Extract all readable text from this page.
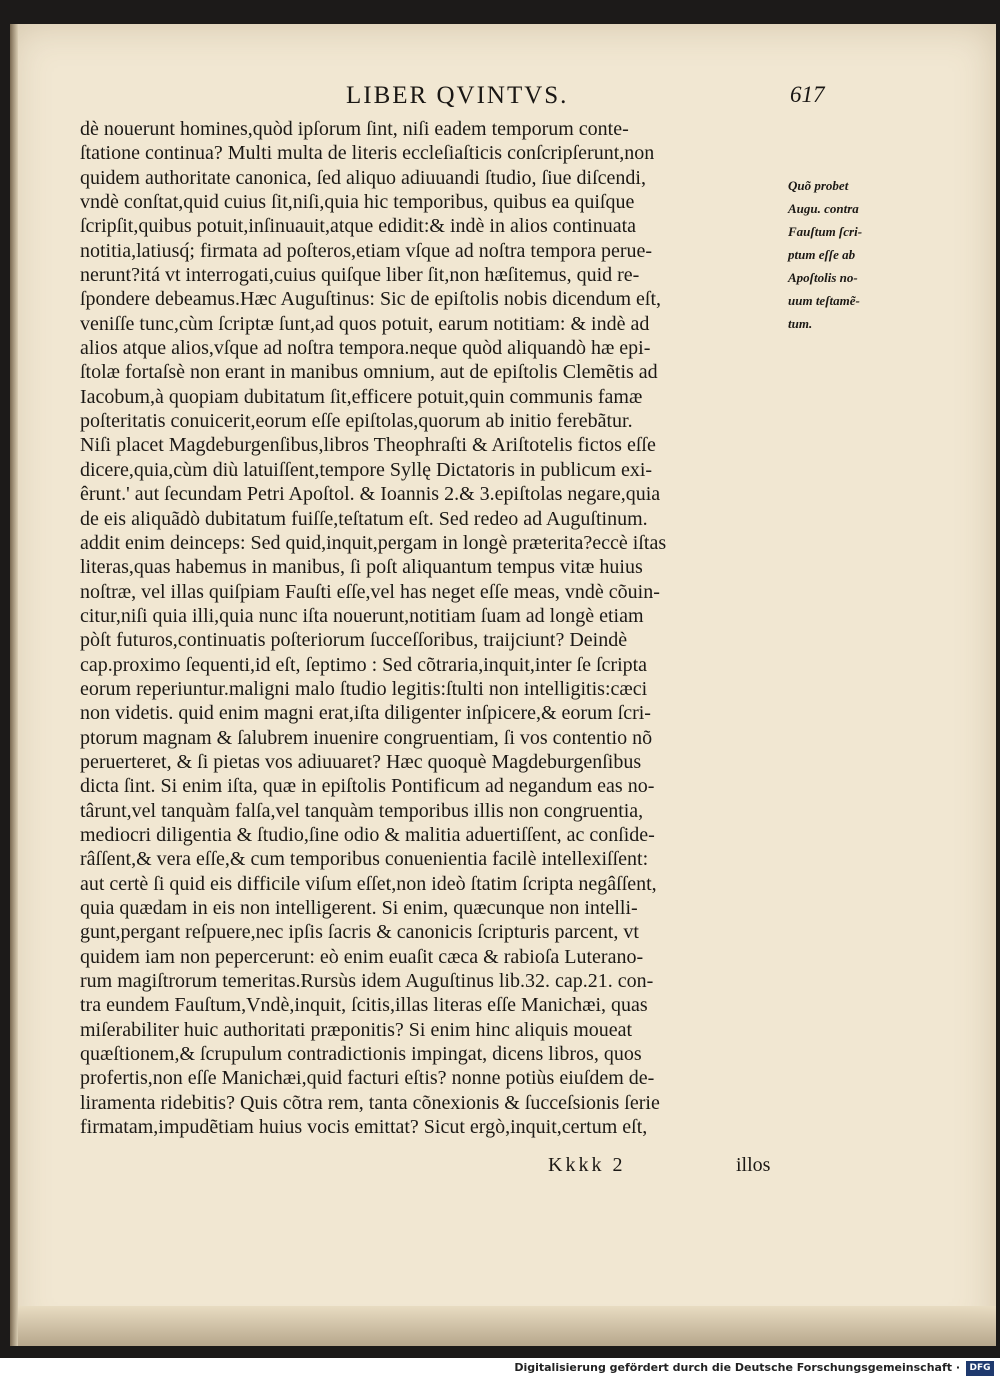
LIBER QVINTVS.	617
dè nouerunt homines,quòd ipſorum ſint, niſi eadem temporum conte-
ſtatione continua? Multi multa de literis eccleſiaſticis conſcripſerunt,non
quidem authoritate canonica, ſed aliquo adiuuandi ſtudio, ſiue diſcendi,
vndè conſtat,quid cuius ſit,niſi,quia hic temporibus, quibus ea quiſque
ſcripſit,quibus potuit,inſinuauit,atque edidit:& indè in alios continuata
notitia,latiusq́; firmata ad poſteros,etiam vſque ad noſtra tempora perue-
nerunt?itá vt interrogati,cuius quiſque liber ſit,non hæſitemus, quid re-
ſpondere debeamus.Hæc Auguſtinus: Sic de epiſtolis nobis dicendum eſt,
veniſſe tunc,cùm ſcriptæ ſunt,ad quos potuit, earum notitiam: & indè ad
alios atque alios,vſque ad noſtra tempora.neque quòd aliquandò hæ epi-
ſtolæ fortaſsè non erant in manibus omnium, aut de epiſtolis Clemẽtis ad
Iacobum,à quopiam dubitatum ſit,efficere potuit,quin communis famæ
poſteritatis conuicerit,eorum eſſe epiſtolas,quorum ab initio ferebãtur.
Niſi placet Magdeburgenſibus,libros Theophraſti & Ariſtotelis fictos eſſe
dicere,quia,cùm diù latuiſſent,tempore Syllę Dictatoris in publicum exi-
êrunt.' aut ſecundam Petri Apoſtol. & Ioannis 2.& 3.epiſtolas negare,quia
de eis aliquãdò dubitatum fuiſſe,teſtatum eſt. Sed redeo ad Auguſtinum.
addit enim deinceps: Sed quid,inquit,pergam in longè præterita?eccè iſtas
literas,quas habemus in manibus, ſi poſt aliquantum tempus vitæ huius
noſtræ, vel illas quiſpiam Fauſti eſſe,vel has neget eſſe meas, vndè cõuin-
citur,niſi quia illi,quia nunc iſta nouerunt,notitiam ſuam ad longè etiam
pòſt futuros,continuatis poſteriorum ſucceſſoribus, traijciunt? Deindè
cap.proximo ſequenti,id eſt, ſeptimo : Sed cõtraria,inquit,inter ſe ſcripta
eorum reperiuntur.maligni malo ſtudio legitis:ſtulti non intelligitis:cæci
non videtis. quid enim magni erat,iſta diligenter inſpicere,& eorum ſcri-
ptorum magnam & ſalubrem inuenire congruentiam, ſi vos contentio nõ
peruerteret, & ſi pietas vos adiuuaret? Hæc quoquè Magdeburgenſibus
dicta ſint. Si enim iſta, quæ in epiſtolis Pontificum ad negandum eas no-
târunt,vel tanquàm falſa,vel tanquàm temporibus illis non congruentia,
mediocri diligentia & ſtudio,ſine odio & malitia aduertiſſent, ac conſide-
râſſent,& vera eſſe,& cum temporibus conuenientia facilè intellexiſſent:
aut certè ſi quid eis difficile viſum eſſet,non ideò ſtatim ſcripta negâſſent,
quia quædam in eis non intelligerent. Si enim, quæcunque non intelli-
gunt,pergant reſpuere,nec ipſis ſacris & canonicis ſcripturis parcent, vt
quidem iam non pepercerunt: eò enim euaſit cæca & rabioſa Luterano-
rum magiſtrorum temeritas.Rursùs idem Auguſtinus lib.32. cap.21. con-
tra eundem Fauſtum,Vndè,inquit, ſcitis,illas literas eſſe Manichæi, quas
miſerabiliter huic authoritati præponitis? Si enim hinc aliquis moueat
quæſtionem,& ſcrupulum contradictionis impingat, dicens libros, quos
profertis,non eſſe Manichæi,quid facturi eſtis? nonne potiùs eiuſdem de-
liramenta ridebitis? Quis cõtra rem, tanta cõnexionis & ſucceſsionis ſerie
firmatam,impudẽtiam huius vocis emittat? Sicut ergò,inquit,certum eſt,
Quõ probet
Augu. contra
Fauſtum ſcri-
ptum eſſe ab
Apoſtolis no-
uum teſtamẽ-
tum.
Kkkk 2	illos
Digitalisierung gefördert durch die Deutsche Forschungsgemeinschaft ·	DFG
